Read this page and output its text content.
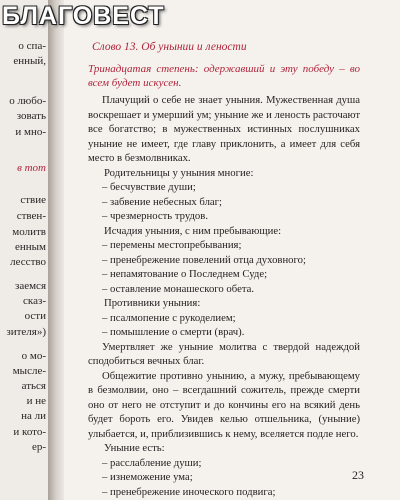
о спа-
енный,
о любо-
зовать
и мно-
в тот
ствие
ствен-
молитв
енным
лесство
заемся
сказ-
ости
зителя»)
о мо-
мысле-
аться
и не
на ли
и кото-
ер-
БЛАГОВЕСТ
Слово 13. Об унынии и лености
Тринадцатая степень: одержавший и эту победу – во всем будет искусен.

Плачущий о себе не знает уныния. Мужественная душа воскрешает и умерший ум; уныние же и леность расточают все богатство; в мужественных истинных послушниках уныние не имеет, где главу приклонить, а имеет для себя место в безмолвниках.

Родительницы у уныния многие:

– бесчувствие души;

– забвение небесных благ;

– чрезмерность трудов.

Исчадия уныния, с ним пребывающие:

– перемены местопребывания;

– пренебрежение повелений отца духовного;

– непамятование о Последнем Суде;

– оставление монашеского обета.

Противники уныния:

– псалмопение с рукоделием;

– помышление о смерти (врач).

Умертвляет же уныние молитва с твердой надеждой сподобиться вечных благ.

Общежитие противно унынию, а мужу, пребывающему в безмолвии, оно – всегдашний сожитель, прежде смерти оно от него не отступит и до кончины его на всякий день будет бороть его. Увидев келью отшельника, (уныние) улыбается, и, приблизившись к нему, вселяется подле него.

Уныние есть:

– расслабление души;

– изнеможение ума;

– пренебрежение иноческого подвига;

23
